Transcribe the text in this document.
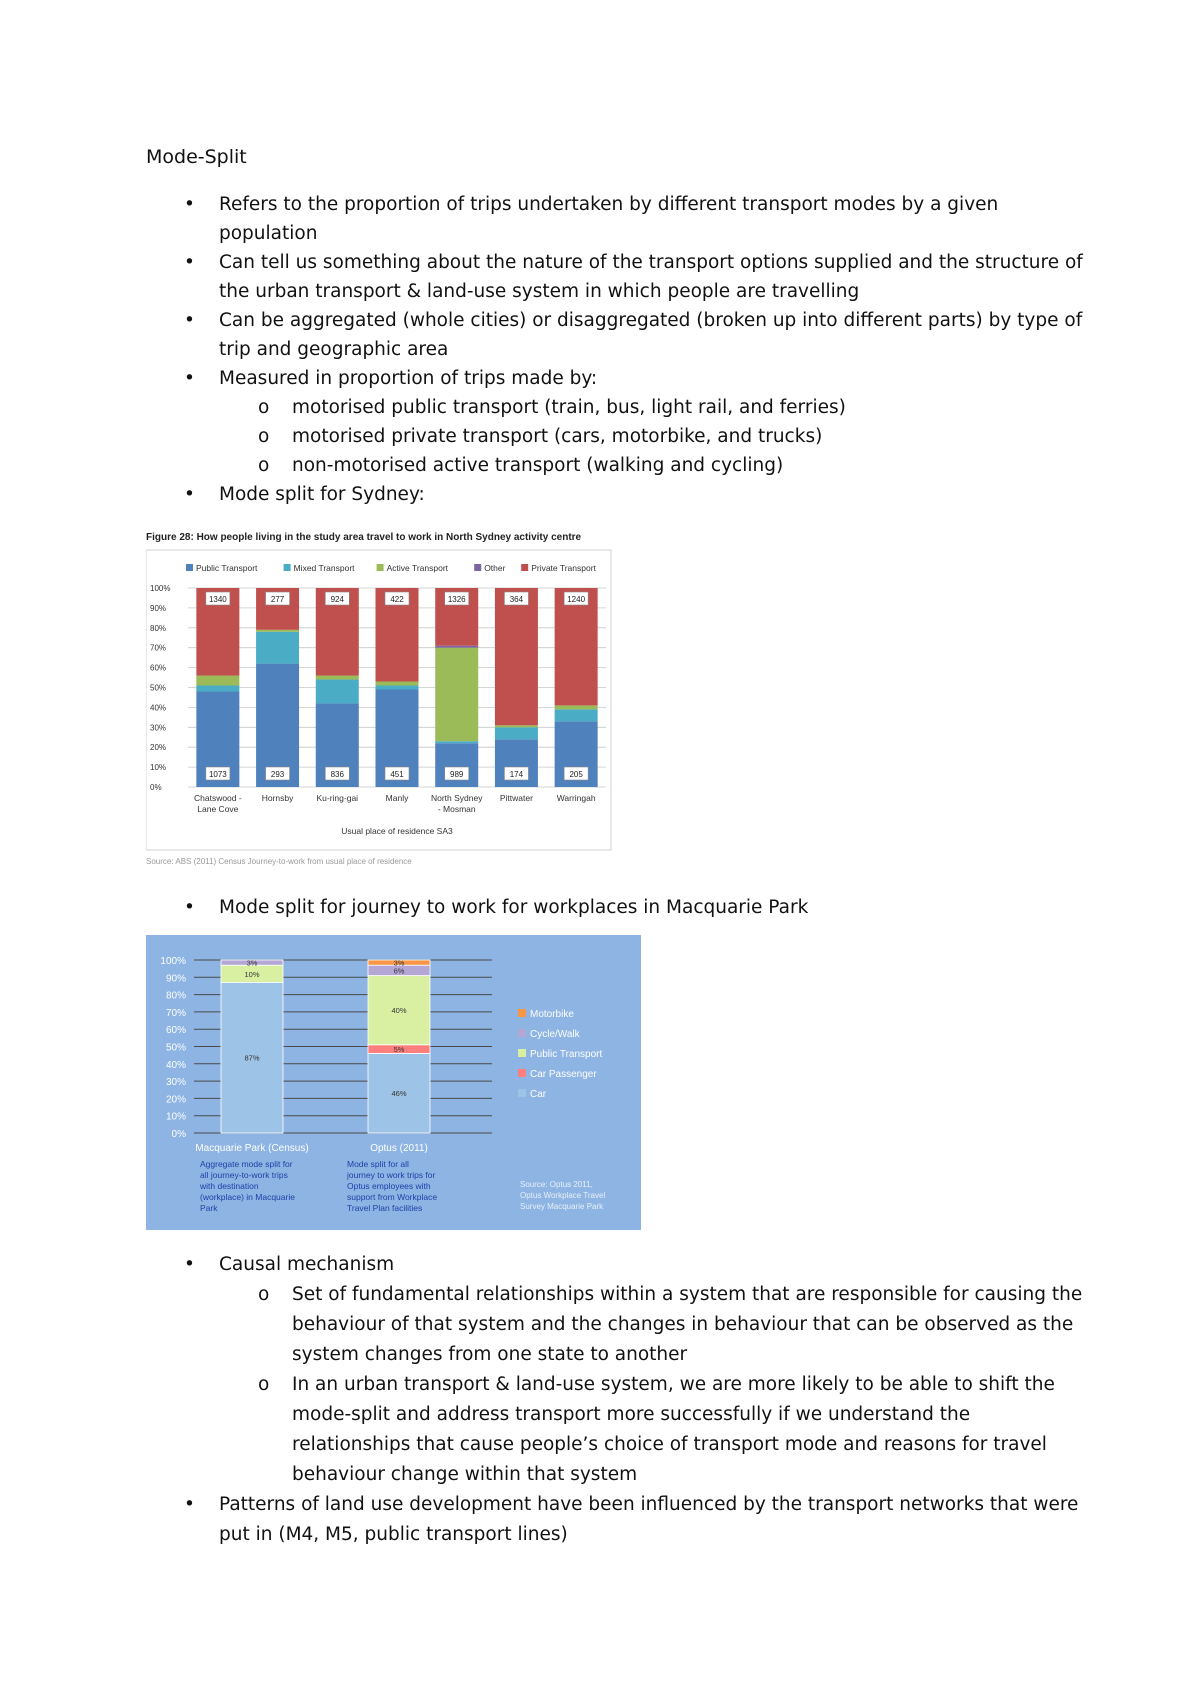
Mode-Split
• Refers to the proportion of trips undertaken by different transport modes by a given population
• Can tell us something about the nature of the transport options supplied and the structure of the urban transport & land-use system in which people are travelling
• Can be aggregated (whole cities) or disaggregated (broken up into different parts) by type of trip and geographic area
• Measured in proportion of trips made by:
o motorised public transport (train, bus, light rail, and ferries)
o motorised private transport (cars, motorbike, and trucks)
o non-motorised active transport (walking and cycling)
• Mode split for Sydney:
Figure 28: How people living in the study area travel to work in North Sydney activity centre
Public Transport	Mixed Transport	Active Transport	Other	Private Transport
0%
10%
20%
30%
40%
50%
60%
70%
80%
90%
100%
1340
1073
Chatswood -
Lane Cove
277
293
Hornsby
924
836
Ku-ring-gai
422
451
Manly
1326
989
North Sydney
- Mosman
364
174
Pittwater
1240
205
Warringah
Usual place of residence SA3
Source: ABS (2011) Census Journey-to-work from usual place of residence
• Mode split for journey to work for workplaces in Macquarie Park
0%
10%
20%
30%
40%
50%
60%
70%
80%
90%
100%
87%
10%
3%
Macquarie Park (Census)
46%
5%
40%
6%
3%
Optus (2011)
Motorbike
Cycle/Walk
Public Transport
Car Passenger
Car
Aggregate mode split for
all journey-to-work trips
with destination
(workplace) in Macquarie
Park
Mode split for all
journey to work trips for
Optus employees with
support from Workplace
Travel Plan facilities
Source: Optus 2011,
Optus Workplace Travel
Survey Macquarie Park
• Causal mechanism
o Set of fundamental relationships within a system that are responsible for causing the behaviour of that system and the changes in behaviour that can be observed as the system changes from one state to another
o In an urban transport & land-use system, we are more likely to be able to shift the mode-split and address transport more successfully if we understand the relationships that cause people’s choice of transport mode and reasons for travel behaviour change within that system
• Patterns of land use development have been influenced by the transport networks that were put in (M4, M5, public transport lines)
